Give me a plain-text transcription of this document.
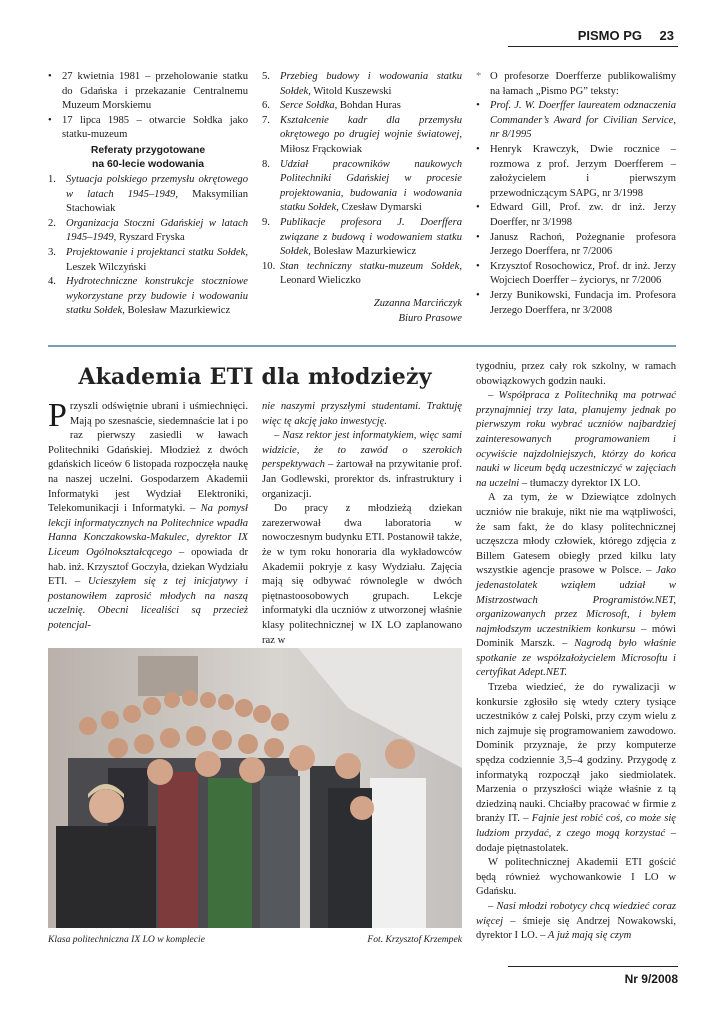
PISMO PG 23
• 27 kwietnia 1981 – przeholowanie statku do Gdańska i przekazanie Centralnemu Muzeum Morskiemu
• 17 lipca 1985 – otwarcie Sołdka jako statku-muzeum
Referaty przygotowane
na 60-lecie wodowania
1. Sytuacja polskiego przemysłu okrętowego w latach 1945–1949, Maksymilian Stachowiak
2. Organizacja Stoczni Gdańskiej w latach 1945–1949, Ryszard Fryska
3. Projektowanie i projektanci statku Sołdek, Leszek Wilczyński
4. Hydrotechniczne konstrukcje stoczniowe wykorzystane przy budowie i wodowaniu statku Sołdek, Bolesław Mazurkiewicz
5. Przebieg budowy i wodowania statku Sołdek, Witold Kuszewski
6. Serce Sołdka, Bohdan Huras
7. Kształcenie kadr dla przemysłu okrętowego po drugiej wojnie światowej, Miłosz Frąckowiak
8. Udział pracowników naukowych Politechniki Gdańskiej w procesie projektowania, budowania i wodowania statku Sołdek, Czesław Dymarski
9. Publikacje profesora J. Doerffera związane z budową i wodowaniem statku Sołdek, Bolesław Mazurkiewicz
10. Stan techniczny statku-muzeum Sołdek, Leonard Wieliczko
Zuzanna Marcińczyk
Biuro Prasowe
* O profesorze Doerfferze publikowaliśmy na łamach „Pismo PG” teksty:
• Prof. J. W. Doerffer laureatem odznaczenia Commander’s Award for Civilian Service, nr 8/1995
• Henryk Krawczyk, Dwie rocznice – rozmowa z prof. Jerzym Doerfferem – założycielem i pierwszym przewodniczącym SAPG, nr 3/1998
• Edward Gill, Prof. zw. dr inż. Jerzy Doerffer, nr 3/1998
• Janusz Rachoń, Pożegnanie profesora Jerzego Doerffera, nr 7/2006
• Krzysztof Rosochowicz, Prof. dr inż. Jerzy Wojciech Doerffer – życiorys, nr 7/2006
• Jerzy Bunikowski, Fundacja im. Profesora Jerzego Doerffera, nr 3/2008
Akademia ETI dla młodzieży

Przyszli odświętnie ubrani i uśmiechnięci. Mają po szesnaście, siedemnaście lat i po raz pierwszy zasiedli w ławach Politechniki Gdańskiej. Młodzież z dwóch gdańskich liceów 6 listopada rozpoczęła naukę na naszej uczelni. Gospodarzem Akademii Informatyki jest Wydział Elektroniki, Telekomunikacji i Informatyki. – Na pomysł lekcji informatycznych na Politechnice wpadła Hanna Konczakowska-Makulec, dyrektor IX Liceum Ogólnokształcącego – opowiada dr hab. inż. Krzysztof Goczyła, dziekan Wydziału ETI. – Ucieszyłem się z tej inicjatywy i postanowiłem zaprosić młodych na naszą uczelnię. Obecni licealiści są przecież potencjal-

nie naszymi przyszłymi studentami. Traktuję więc tę akcję jako inwestycję.

– Nasz rektor jest informatykiem, więc sami widzicie, że to zawód o szerokich perspektywach – żartował na przywitanie prof. Jan Godlewski, prorektor ds. infrastruktury i organizacji.

Do pracy z młodzieżą dziekan zarezerwował dwa laboratoria w nowoczesnym budynku ETI. Postanowił także, że w tym roku honoraria dla wykładowców Akademii pokryje z kasy Wydziału. Zajęcia mają się odbywać równolegle w dwóch piętnastoosobowych grupach. Lekcje informatyki dla uczniów z utworzonej właśnie klasy politechnicznej w IX LO zaplanowano raz w

tygodniu, przez cały rok szkolny, w ramach obowiązkowych godzin nauki.

– Współpraca z Politechniką ma potrwać przynajmniej trzy lata, planujemy jednak po pierwszym roku wybrać uczniów najbardziej zainteresowanych programowaniem i ocywiście najzdolniejszych, którzy do końca nauki w liceum będą uczestniczyć w zajęciach na uczelni – tłumaczy dyrektor IX LO.

A za tym, że w Dziewiątce zdolnych uczniów nie brakuje, nikt nie ma wątpliwości, że sam fakt, że do klasy politechnicznej uczęszcza młody człowiek, którego zdjęcia z Billem Gatesem obiegły przed kilku laty wszystkie agencje prasowe w Polsce. – Jako jedenastolatek wziąłem udział w Mistrzostwach Programistów.NET, organizowanych przez Microsoft, i byłem najmłodszym uczestnikiem konkursu – mówi Dominik Marszk. – Nagrodą było właśnie spotkanie ze współzałożycielem Microsoftu i certyfikat Adept.NET.

Trzeba wiedzieć, że do rywalizacji w konkursie zgłosiło się wtedy cztery tysiące uczestników z całej Polski, przy czym wielu z nich zajmuje się programowaniem zawodowo. Dominik przyznaje, że przy komputerze spędza codziennie 3,5–4 godziny. Przygodę z informatyką rozpoczął jako siedmiolatek. Marzenia o przyszłości wiąże właśnie z tą dziedziną nauki. Chciałby pracować w firmie z branży IT. – Fajnie jest robić coś, co może się ludziom przydać, z czego mogą korzystać – dodaje piętnastolatek.

W politechnicznej Akademii ETI gościć będą również wychowankowie I LO w Gdańsku.

– Nasi młodzi robotycy chcą wiedzieć coraz więcej – śmieje się Andrzej Nowakowski, dyrektor I LO. – A już mają się czym

Klasa politechniczna IX LO w komplecie	Fot. Krzysztof Krzempek
Nr 9/2008
